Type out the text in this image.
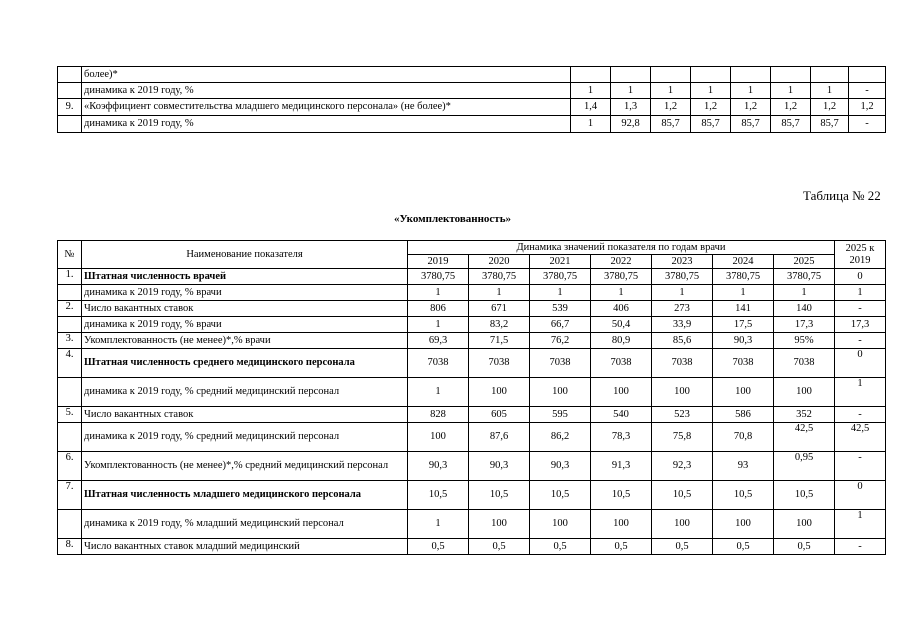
	более)*								
	динамика к 2019 году, %	1	1	1	1	1	1	1	-
9.	«Коэффициент совместительства младшего медицинского персонала» (не более)*	1,4	1,3	1,2	1,2	1,2	1,2	1,2	1,2
	динамика к 2019 году, %	1	92,8	85,7	85,7	85,7	85,7	85,7	-
Таблица № 22
«Укомплектованность»
№	Наименование показателя	Динамика значений показателя по годам врачи							2025 к 2019
		2019	2020	2021	2022	2023	2024	2025	
1.	Штатная численность врачей	3780,75	3780,75	3780,75	3780,75	3780,75	3780,75	3780,75	0
	динамика к 2019 году, % врачи	1	1	1	1	1	1	1	1
2.	Число вакантных ставок	806	671	539	406	273	141	140	-
	динамика к 2019 году, % врачи	1	83,2	66,7	50,4	33,9	17,5	17,3	17,3
3.	Укомплектованность (не менее)*,% врачи	69,3	71,5	76,2	80,9	85,6	90,3	95%	-
4.	Штатная численность среднего медицинского персонала	7038	7038	7038	7038	7038	7038	7038	0
	динамика к 2019 году, % средний медицинский персонал	1	100	100	100	100	100	100	1
5.	Число вакантных ставок	828	605	595	540	523	586	352	-
	динамика к 2019 году, % средний медицинский персонал	100	87,6	86,2	78,3	75,8	70,8	42,5	42,5
6.	Укомплектованность (не менее)*,% средний медицинский персонал	90,3	90,3	90,3	91,3	92,3	93	0,95	-
7.	Штатная численность младшего медицинского персонала	10,5	10,5	10,5	10,5	10,5	10,5	10,5	0
	динамика к 2019 году, % младший медицинский персонал	1	100	100	100	100	100	100	1
8.	Число вакантных ставок младший медицинский	0,5	0,5	0,5	0,5	0,5	0,5	0,5	-
